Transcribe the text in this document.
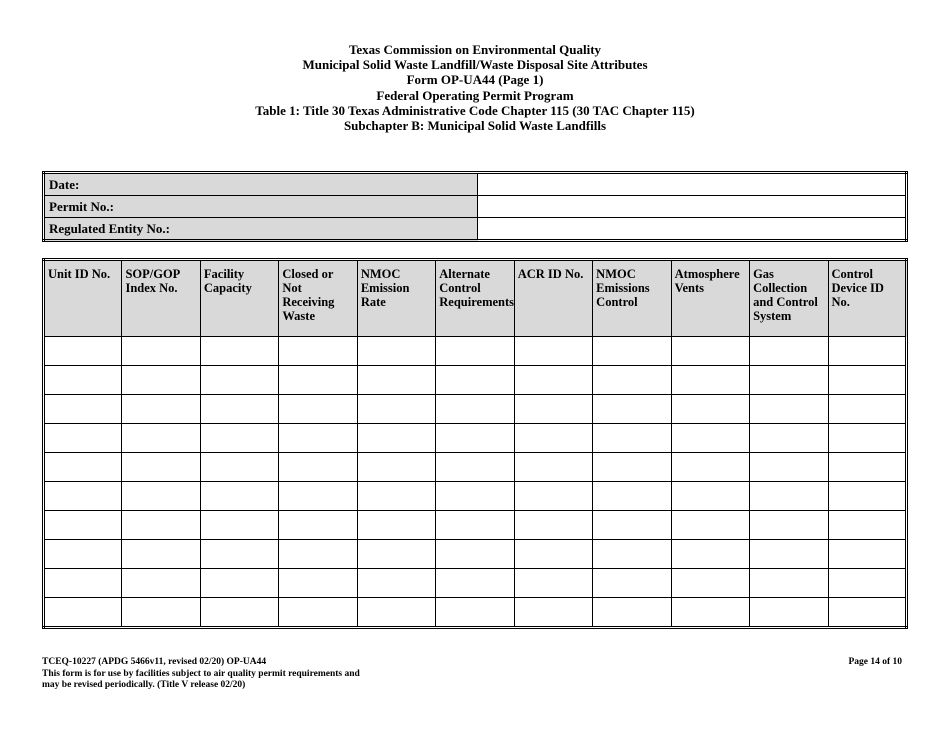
Texas Commission on Environmental Quality
Municipal Solid Waste Landfill/Waste Disposal Site Attributes
Form OP-UA44 (Page 1)
Federal Operating Permit Program
Table 1: Title 30 Texas Administrative Code Chapter 115 (30 TAC Chapter 115)
Subchapter B: Municipal Solid Waste Landfills
Date:	
Permit No.:	
Regulated Entity No.:	
Unit ID No.	SOP/GOP Index No.	Facility Capacity	Closed or Not Receiving Waste	NMOC Emission Rate	Alternate Control Requirements	ACR ID No.	NMOC Emissions Control	Atmosphere Vents	Gas Collection and Control System	Control Device ID No.

TCEQ-10227 (APDG 5466v11, revised 02/20) OP-UA44
This form is for use by facilities subject to air quality permit requirements and
may be revised periodically. (Title V release 02/20)
Page 14 of 10
